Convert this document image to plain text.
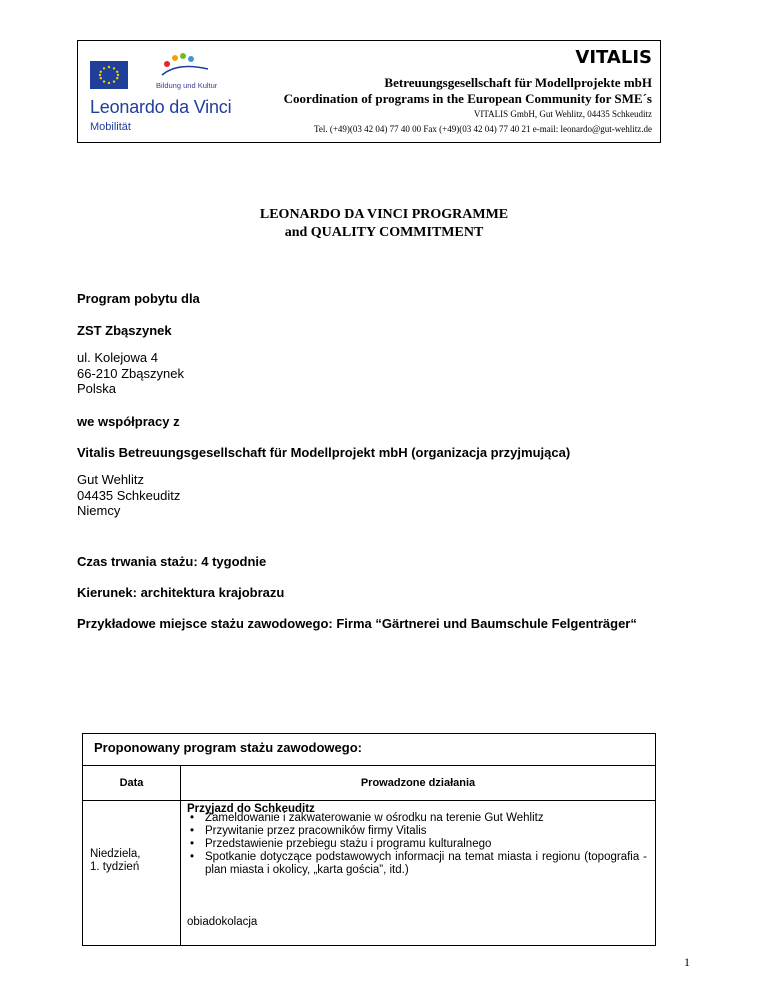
Bildung und Kultur
Leonardo da Vinci
Mobilität
VITALIS
Betreuungsgesellschaft für Modellprojekte mbH
Coordination of programs in the European Community for SME´s
VITALIS GmbH, Gut Wehlitz, 04435 Schkeuditz
Tel. (+49)(03 42 04) 77 40 00 Fax (+49)(03 42 04) 77 40 21 e-mail: leonardo@gut-wehlitz.de
LEONARDO DA VINCI PROGRAMME
and QUALITY COMMITMENT
Program pobytu dla
ZST Zbąszynek
ul. Kolejowa 4
66-210 Zbąszynek
Polska
we współpracy z
Vitalis Betreuungsgesellschaft für Modellprojekt mbH (organizacja przyjmująca)
Gut Wehlitz
04435 Schkeuditz
Niemcy
Czas trwania stażu: 4 tygodnie
Kierunek: architektura krajobrazu
Przykładowe miejsce stażu zawodowego: Firma “Gärtnerei und Baumschule Felgenträger“
Proponowany program stażu zawodowego:
Data	Prowadzone działania
Niedziela,
1. tydzień
Przyjazd do Schkeuditz
• Zameldowanie i zakwaterowanie w ośrodku na terenie Gut Wehlitz
• Przywitanie przez pracowników firmy Vitalis
• Przedstawienie przebiegu stażu i programu kulturalnego
• Spotkanie dotyczące podstawowych informacji na temat miasta i regionu (topografia - plan miasta i okolicy, „karta gościa”, itd.)
obiadokolacja
1
